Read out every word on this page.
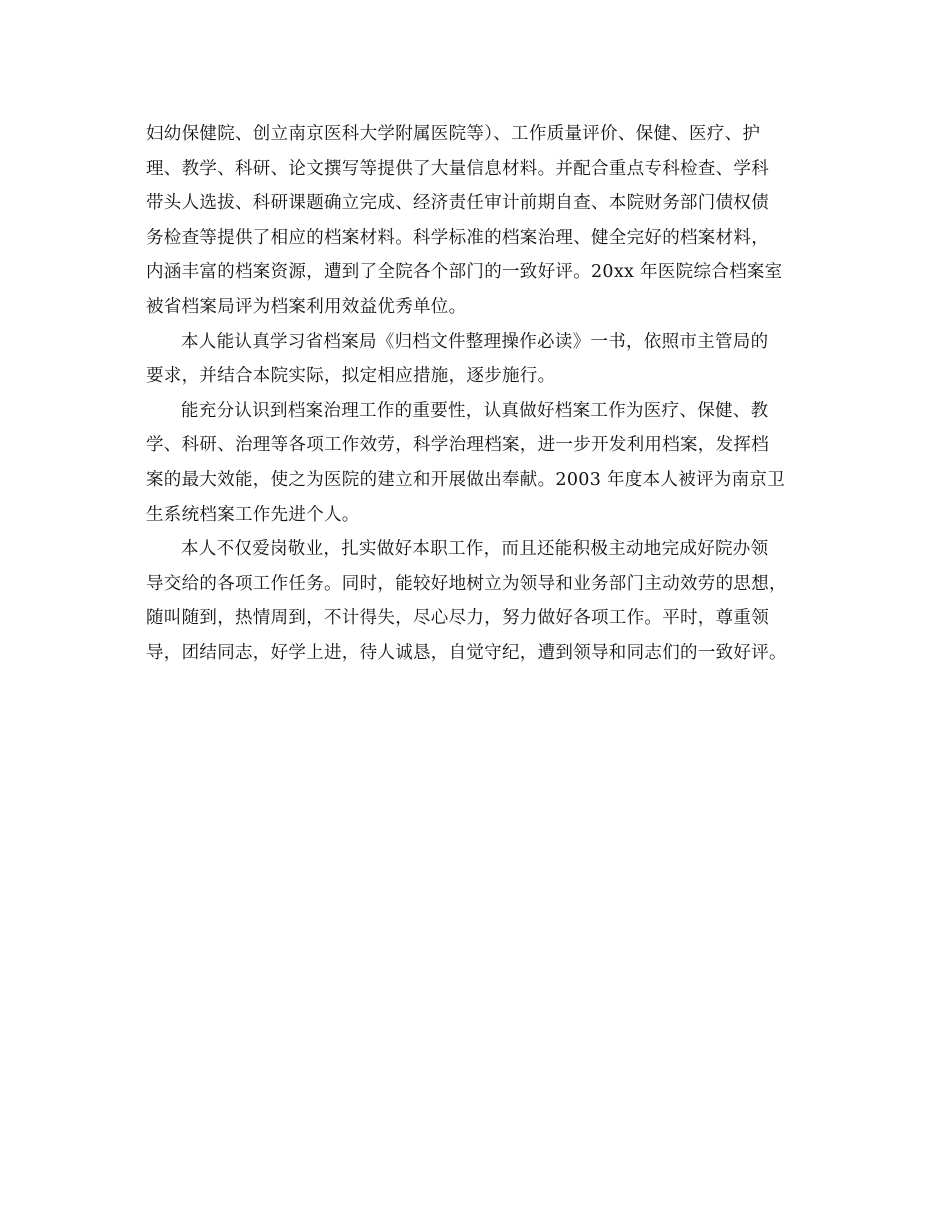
妇幼保健院、创立南京医科大学附属医院等）、工作质量评价、保健、医疗、护
理、教学、科研、论文撰写等提供了大量信息材料。并配合重点专科检查、学科
带头人选拔、科研课题确立完成、经济责任审计前期自查、本院财务部门债权债
务检查等提供了相应的档案材料。科学标准的档案治理、健全完好的档案材料，
内涵丰富的档案资源，遭到了全院各个部门的一致好评。20xx 年医院综合档案室
被省档案局评为档案利用效益优秀单位。
本人能认真学习省档案局《归档文件整理操作必读》一书，依照市主管局的
要求，并结合本院实际，拟定相应措施，逐步施行。
能充分认识到档案治理工作的重要性，认真做好档案工作为医疗、保健、教
学、科研、治理等各项工作效劳，科学治理档案，进一步开发利用档案，发挥档
案的最大效能，使之为医院的建立和开展做出奉献。2003 年度本人被评为南京卫
生系统档案工作先进个人。
本人不仅爱岗敬业，扎实做好本职工作，而且还能积极主动地完成好院办领
导交给的各项工作任务。同时，能较好地树立为领导和业务部门主动效劳的思想，
随叫随到，热情周到，不计得失，尽心尽力，努力做好各项工作。平时，尊重领
导，团结同志，好学上进，待人诚恳，自觉守纪，遭到领导和同志们的一致好评。
